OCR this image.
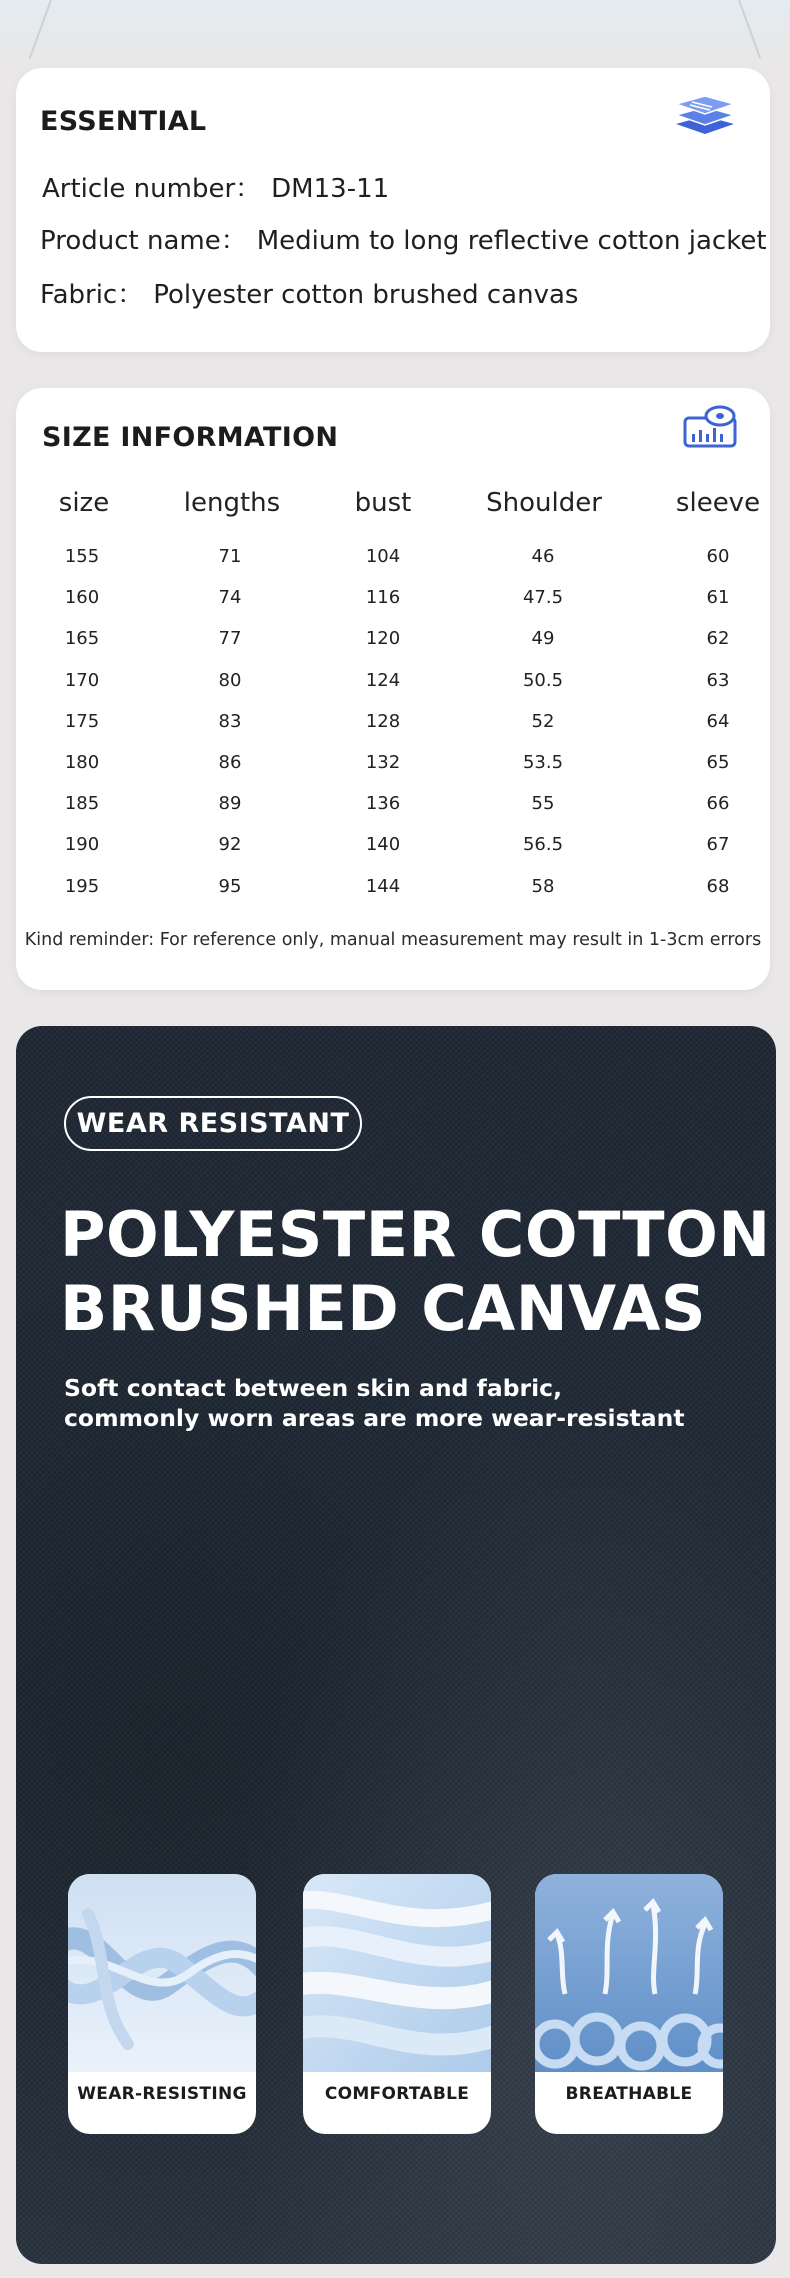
ESSENTIAL
Article number： DM13-11
Product name： Medium to long reflective cotton jacket
Fabric： Polyester cotton brushed canvas
SIZE INFORMATION
size	lengths	bust	Shoulder	sleeve
155	71	104	46	60
160	74	116	47.5	61
165	77	120	49	62
170	80	124	50.5	63
175	83	128	52	64
180	86	132	53.5	65
185	89	136	55	66
190	92	140	56.5	67
195	95	144	58	68
Kind reminder: For reference only, manual measurement may result in 1-3cm errors
WEAR RESISTANT
POLYESTER COTTON
BRUSHED CANVAS
Soft contact between skin and fabric,
commonly worn areas are more wear-resistant
WEAR-RESISTING	COMFORTABLE	BREATHABLE
